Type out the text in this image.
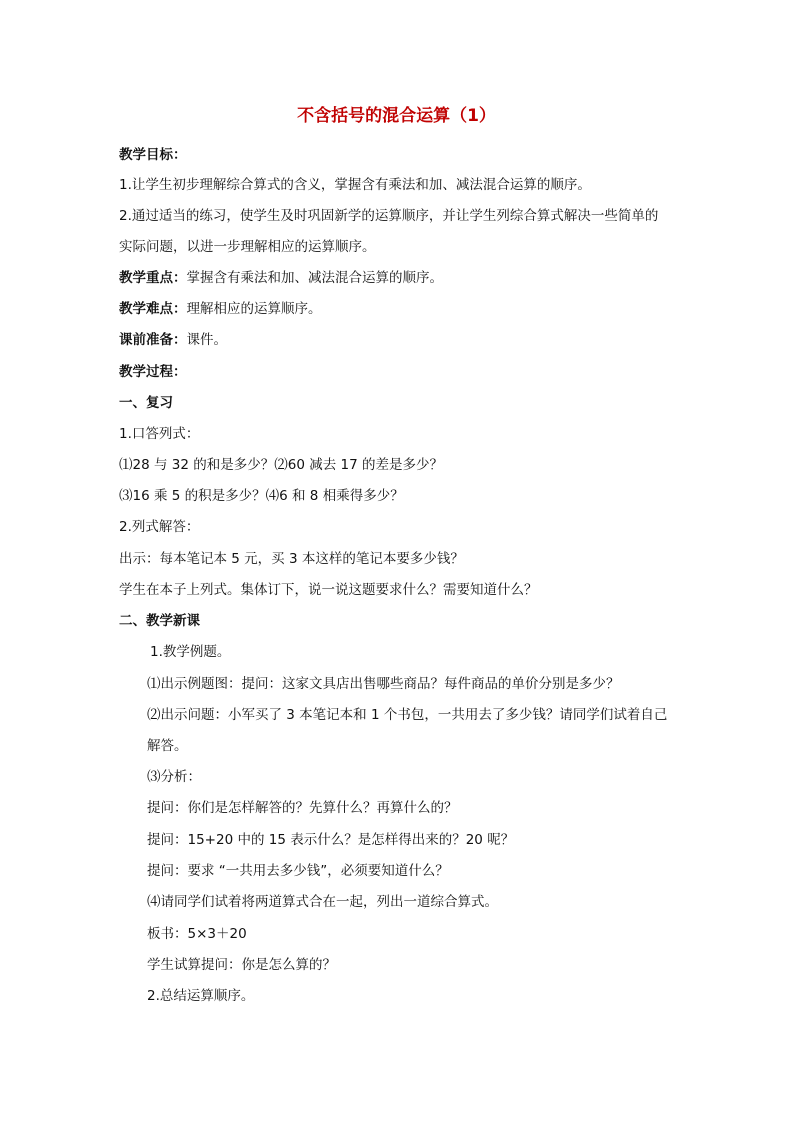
不含括号的混合运算（1）
教学目标：
1.让学生初步理解综合算式的含义，掌握含有乘法和加、减法混合运算的顺序。
2.通过适当的练习，使学生及时巩固新学的运算顺序，并让学生列综合算式解决一些简单的
实际问题，以进一步理解相应的运算顺序。
教学重点：掌握含有乘法和加、减法混合运算的顺序。
教学难点：理解相应的运算顺序。
课前准备：课件。
教学过程：
一、复习
1.口答列式：
⑴28 与 32 的和是多少？⑵60 减去 17 的差是多少？
⑶16 乘 5 的积是多少？⑷6 和 8 相乘得多少？
2.列式解答：
出示：每本笔记本 5 元，买 3 本这样的笔记本要多少钱？
学生在本子上列式。集体订下，说一说这题要求什么？需要知道什么？
二、教学新课
1.教学例题。
⑴出示例题图：提问：这家文具店出售哪些商品？每件商品的单价分别是多少？
⑵出示问题：小军买了 3 本笔记本和 1 个书包，一共用去了多少钱？请同学们试着自己
解答。
⑶分析：
提问：你们是怎样解答的？先算什么？再算什么的？
提问：15+20 中的 15 表示什么？是怎样得出来的？20 呢？
提问：要求 “一共用去多少钱”，必须要知道什么？
⑷请同学们试着将两道算式合在一起，列出一道综合算式。
板书：5×3＋20
学生试算提问：你是怎么算的？
2.总结运算顺序。
